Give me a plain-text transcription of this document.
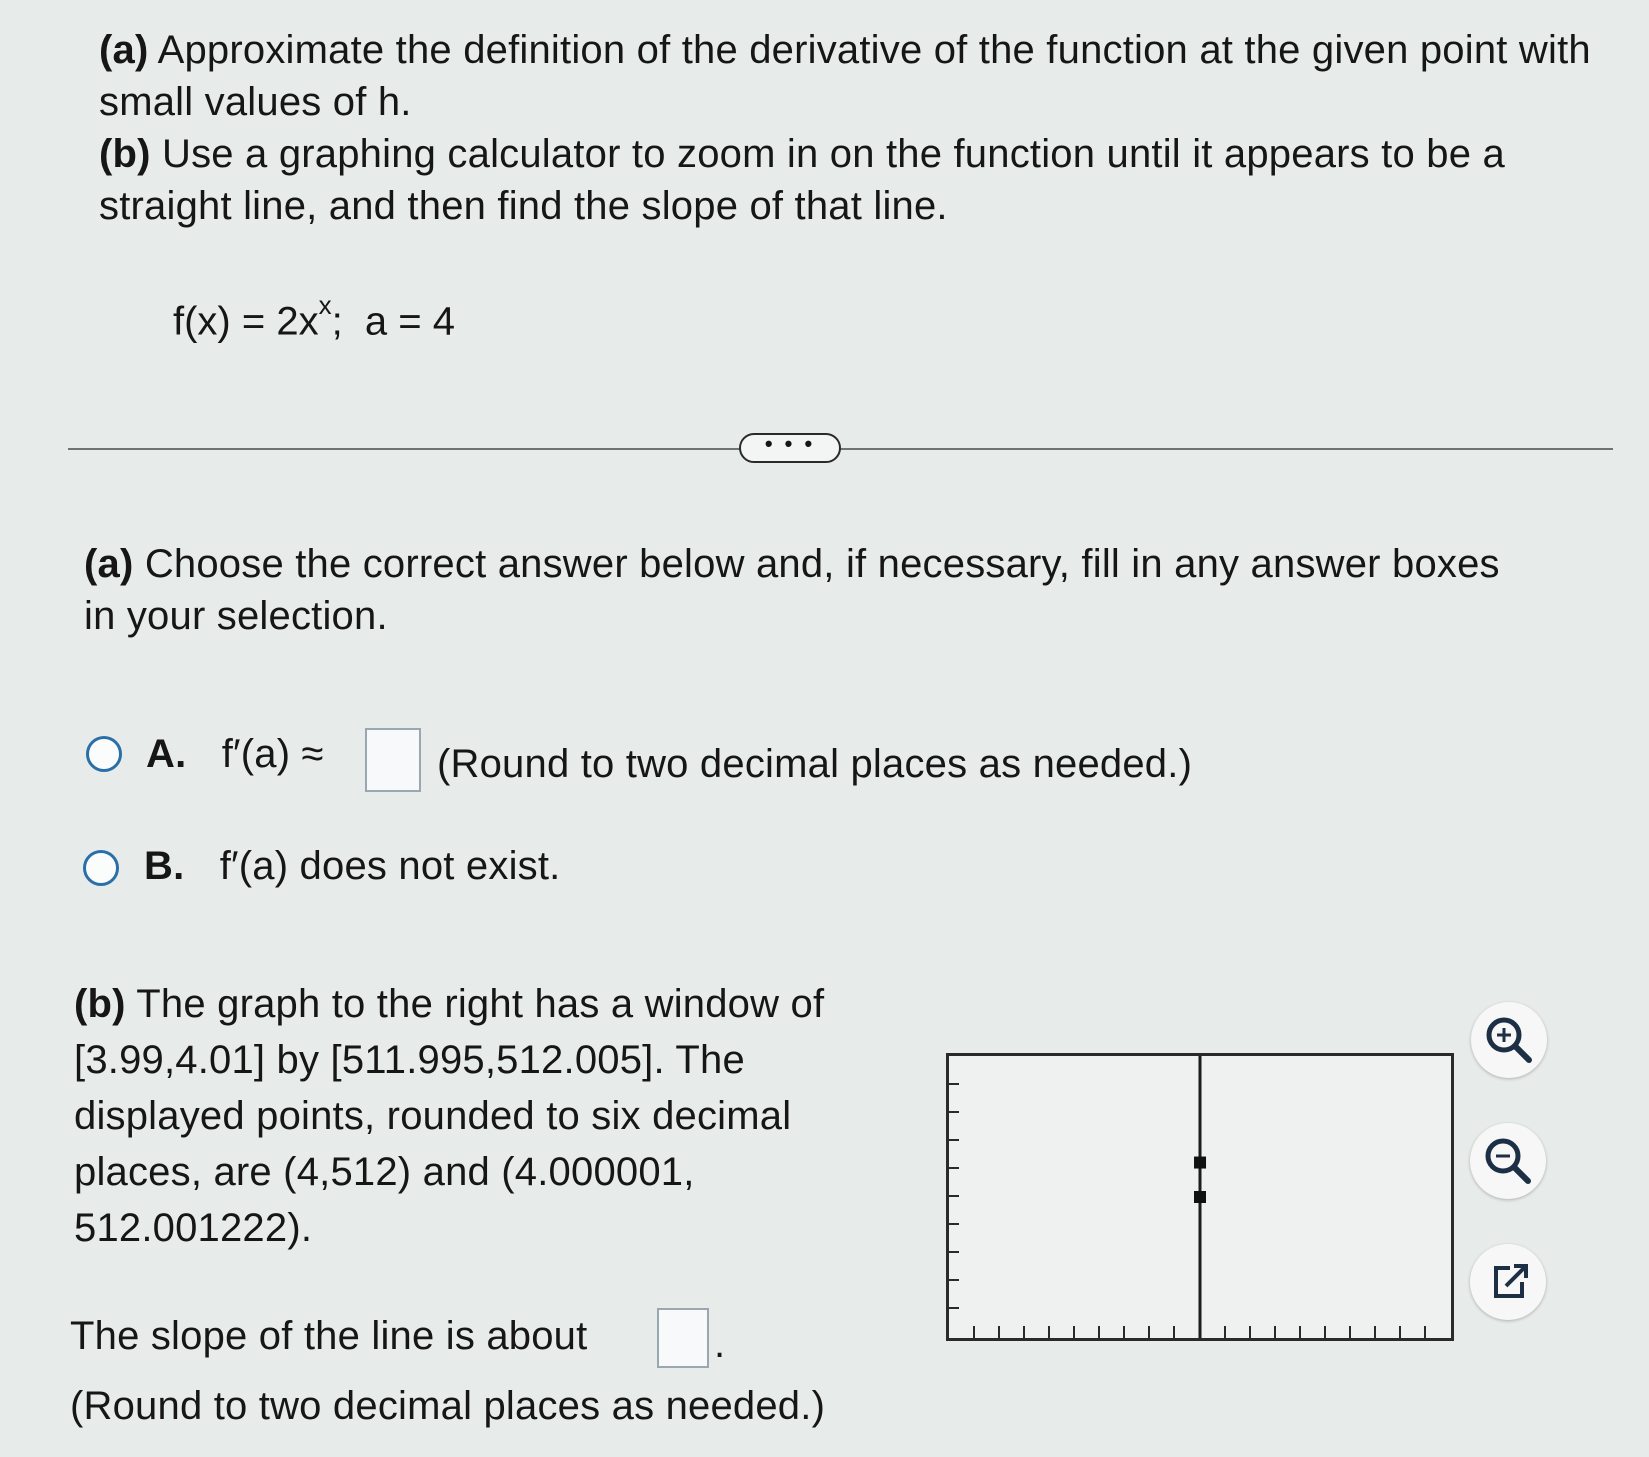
(a) Approximate the definition of the derivative of the function at the given point with small values of h.
(b) Use a graphing calculator to zoom in on the function until it appears to be a straight line, and then find the slope of that line.
$f(x) = 2x^x$;  a = 4
• • •
(a) Choose the correct answer below and, if necessary, fill in any answer boxes in your selection.
A. f′(a) ≈	(Round to two decimal places as needed.)
B. f′(a) does not exist.
(b) The graph to the right has a window of [3.99,4.01] by [511.995,512.005]. The displayed points, rounded to six decimal places, are (4,512) and (4.000001, 512.001222).
The slope of the line is about	.
(Round to two decimal places as needed.)
